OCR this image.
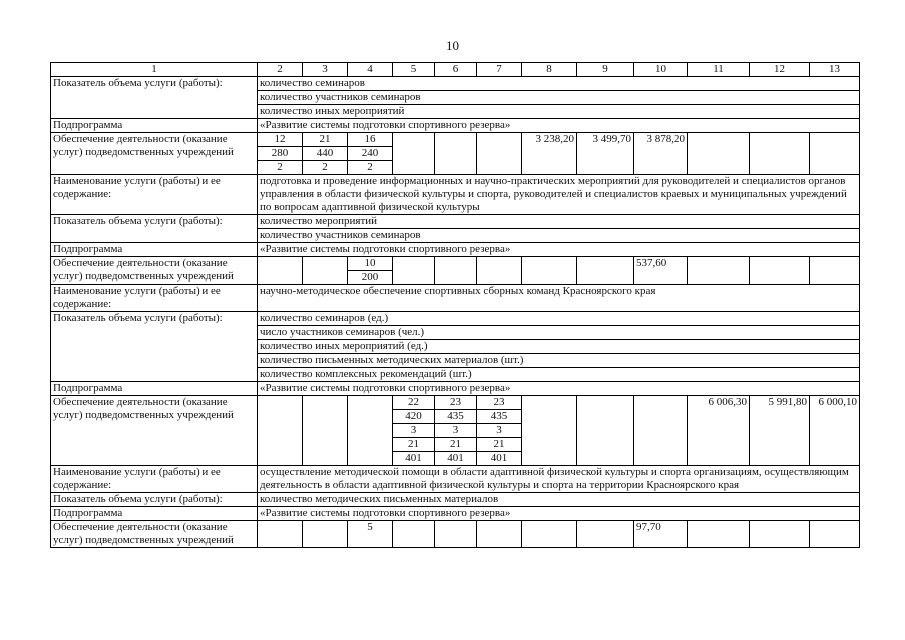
10
1	2	3	4	5	6	7	8	9	10	11	12	13
Показатель объема услуги (работы):	количество семинаров											
	количество участников семинаров											
	количество иных мероприятий											
Подпрограмма	«Развитие системы подготовки спортивного резерва»											
Обеспечение деятельности (оказание услуг) подведомственных учреждений	12	21	16				3 238,20	3 499,70	3 878,20			
	280	440	240									
	2	2	2									
Наименование услуги (работы) и ее содержание:	подготовка и проведение информационных и научно-практических мероприятий для руководителей и специалистов органов управления в области физической культуры и спорта, руководителей и специалистов краевых и муниципальных учреждений по вопросам адаптивной физической культуры											
Показатель объема услуги (работы):	количество мероприятий											
	количество участников семинаров											
Подпрограмма	«Развитие системы подготовки спортивного резерва»											
Обеспечение деятельности (оказание услуг) подведомственных учреждений			10						537,60			
			200									
Наименование услуги (работы) и ее содержание:	научно-методическое обеспечение спортивных сборных команд Красноярского края											
Показатель объема услуги (работы):	количество семинаров (ед.)											
	число участников семинаров (чел.)											
	количество иных мероприятий (ед.)											
	количество письменных методических материалов (шт.)											
	количество комплексных рекомендаций (шт.)											
Подпрограмма	«Развитие системы подготовки спортивного резерва»											
Обеспечение деятельности (оказание услуг) подведомственных учреждений				22	23	23				6 006,30	5 991,80	6 000,10
				420	435	435						
				3	3	3						
				21	21	21						
				401	401	401						
Наименование услуги (работы) и ее содержание:	осуществление методической помощи в области адаптивной физической культуры и спорта организациям, осуществляющим деятельность в области адаптивной физической культуры и спорта на территории Красноярского края											
Показатель объема услуги (работы):	количество методических письменных материалов											
Подпрограмма	«Развитие системы подготовки спортивного резерва»											
Обеспечение деятельности (оказание услуг) подведомственных учреждений			5						97,70			
